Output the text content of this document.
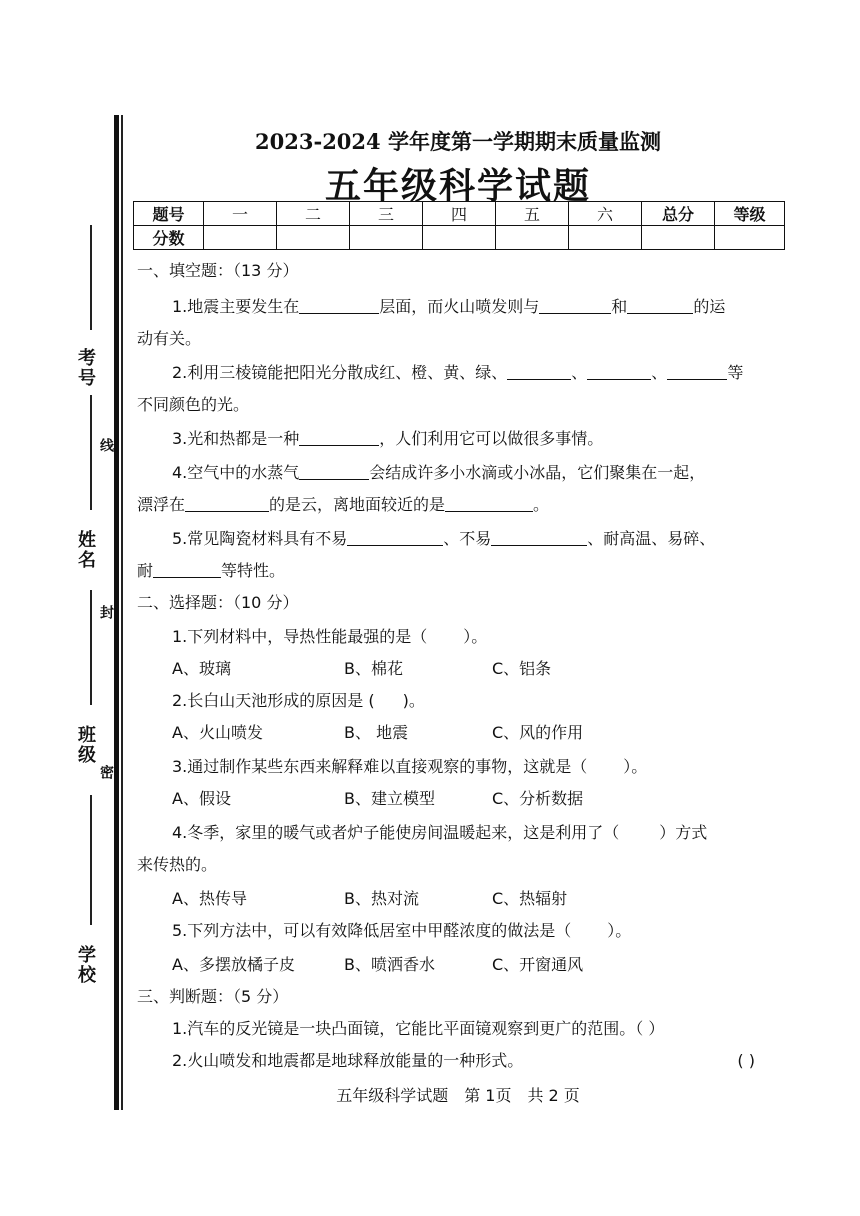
考号
姓名
班级
学校
线
封
密
2023-2024 学年度第一学期期末质量监测
五年级科学试题
题号	一	二	三	四	五	六	总分	等级
分数								
一、填空题：（13 分）
1.地震主要发生在	层面，而火山喷发则与	和	的运
动有关。
2.利用三棱镜能把阳光分散成红、橙、黄、绿、	、	、	等
不同颜色的光。
3.光和热都是一种	，人们利用它可以做很多事情。
4.空气中的水蒸气	会结成许多小水滴或小冰晶，它们聚集在一起，
漂浮在	的是云，离地面较近的是	。
5.常见陶瓷材料具有不易	、不易	、耐高温、易碎、
耐	等特性。
二、选择题：（10 分）
1.下列材料中，导热性能最强的是（ ）。
A、玻璃	B、棉花	C、铝条
2.长白山天池形成的原因是 ( )。
A、火山喷发	B、 地震	C、风的作用
3.通过制作某些东西来解释难以直接观察的事物，这就是（ ）。
A、假设	B、建立模型	C、分析数据
4.冬季，家里的暖气或者炉子能使房间温暖起来，这是利用了（	）方式
来传热的。
A、热传导	B、热对流	C、热辐射
5.下列方法中，可以有效降低居室中甲醛浓度的做法是（ ）。
A、多摆放橘子皮	B、喷洒香水	C、开窗通风
三、判断题：（5 分）
1.汽车的反光镜是一块凸面镜，它能比平面镜观察到更广的范围。（ ）
2.火山喷发和地震都是地球释放能量的一种形式。	( )
五年级科学试题　第 1页　共 2 页
